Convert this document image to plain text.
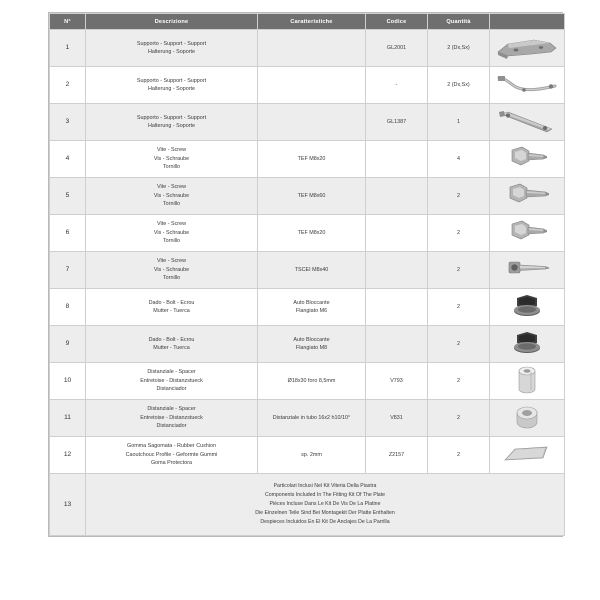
N°	Descrizione	Caratteristiche	Codice	Quantità	
1	Supporto - Support - Support
Halterung - Soporte		GL2001	2 (Dx,Sx)	

2	Supporto - Support - Support
Halterung - Soporte		-	2 (Dx,Sx)	

3	Supporto - Support - Support
Halterung - Soporte		GL1387	1	

4	Vite - Screw
Vis - Schraube
Tornillo	TEF M8x20		4	

5	Vite - Screw
Vis - Schraube
Tornillo	TEF M8x60		2	

6	Vite - Screw
Vis - Schraube
Tornillo	TEF M8x20		2	

7	Vite - Screw
Vis - Schraube
Tornillo	TSCEI M8x40		2	

8	Dado - Bolt - Ecrou
Mutter - Tuerca	Auto Bloccante
Flangiato M6		2	

9	Dado - Bolt - Ecrou
Mutter - Tuerca	Auto Bloccante
Flangiato M8		2	

10	Distanziale - Spacer
Entretoise - Distanzstueck
Distanciador	Ø18x30 foro 8,5mm	V793	2	

11	Distanziale - Spacer
Entretoise - Distanzstueck
Distanciador	Distanziale in tubo 16x2 h10/10°	V831	2	

12	Gomma Sagomata - Rubber Cushion
Caoutchouc Profile - Geformte Gummi
Goma Protectora	sp. 2mm	Z2157	2	

13	Particolari Inclusi Nel Kit Viteria Della Piastra
Components Included In The Fitting Kit Of The Plate
Pièces Incluse Dans Le Kit De Vis De La Platine
Die Einzelnen Teile Sind Bei Montagekit Der Platte Enthalten
Despieces Incluidos En El Kit De Anclajes De La Parrilla				
